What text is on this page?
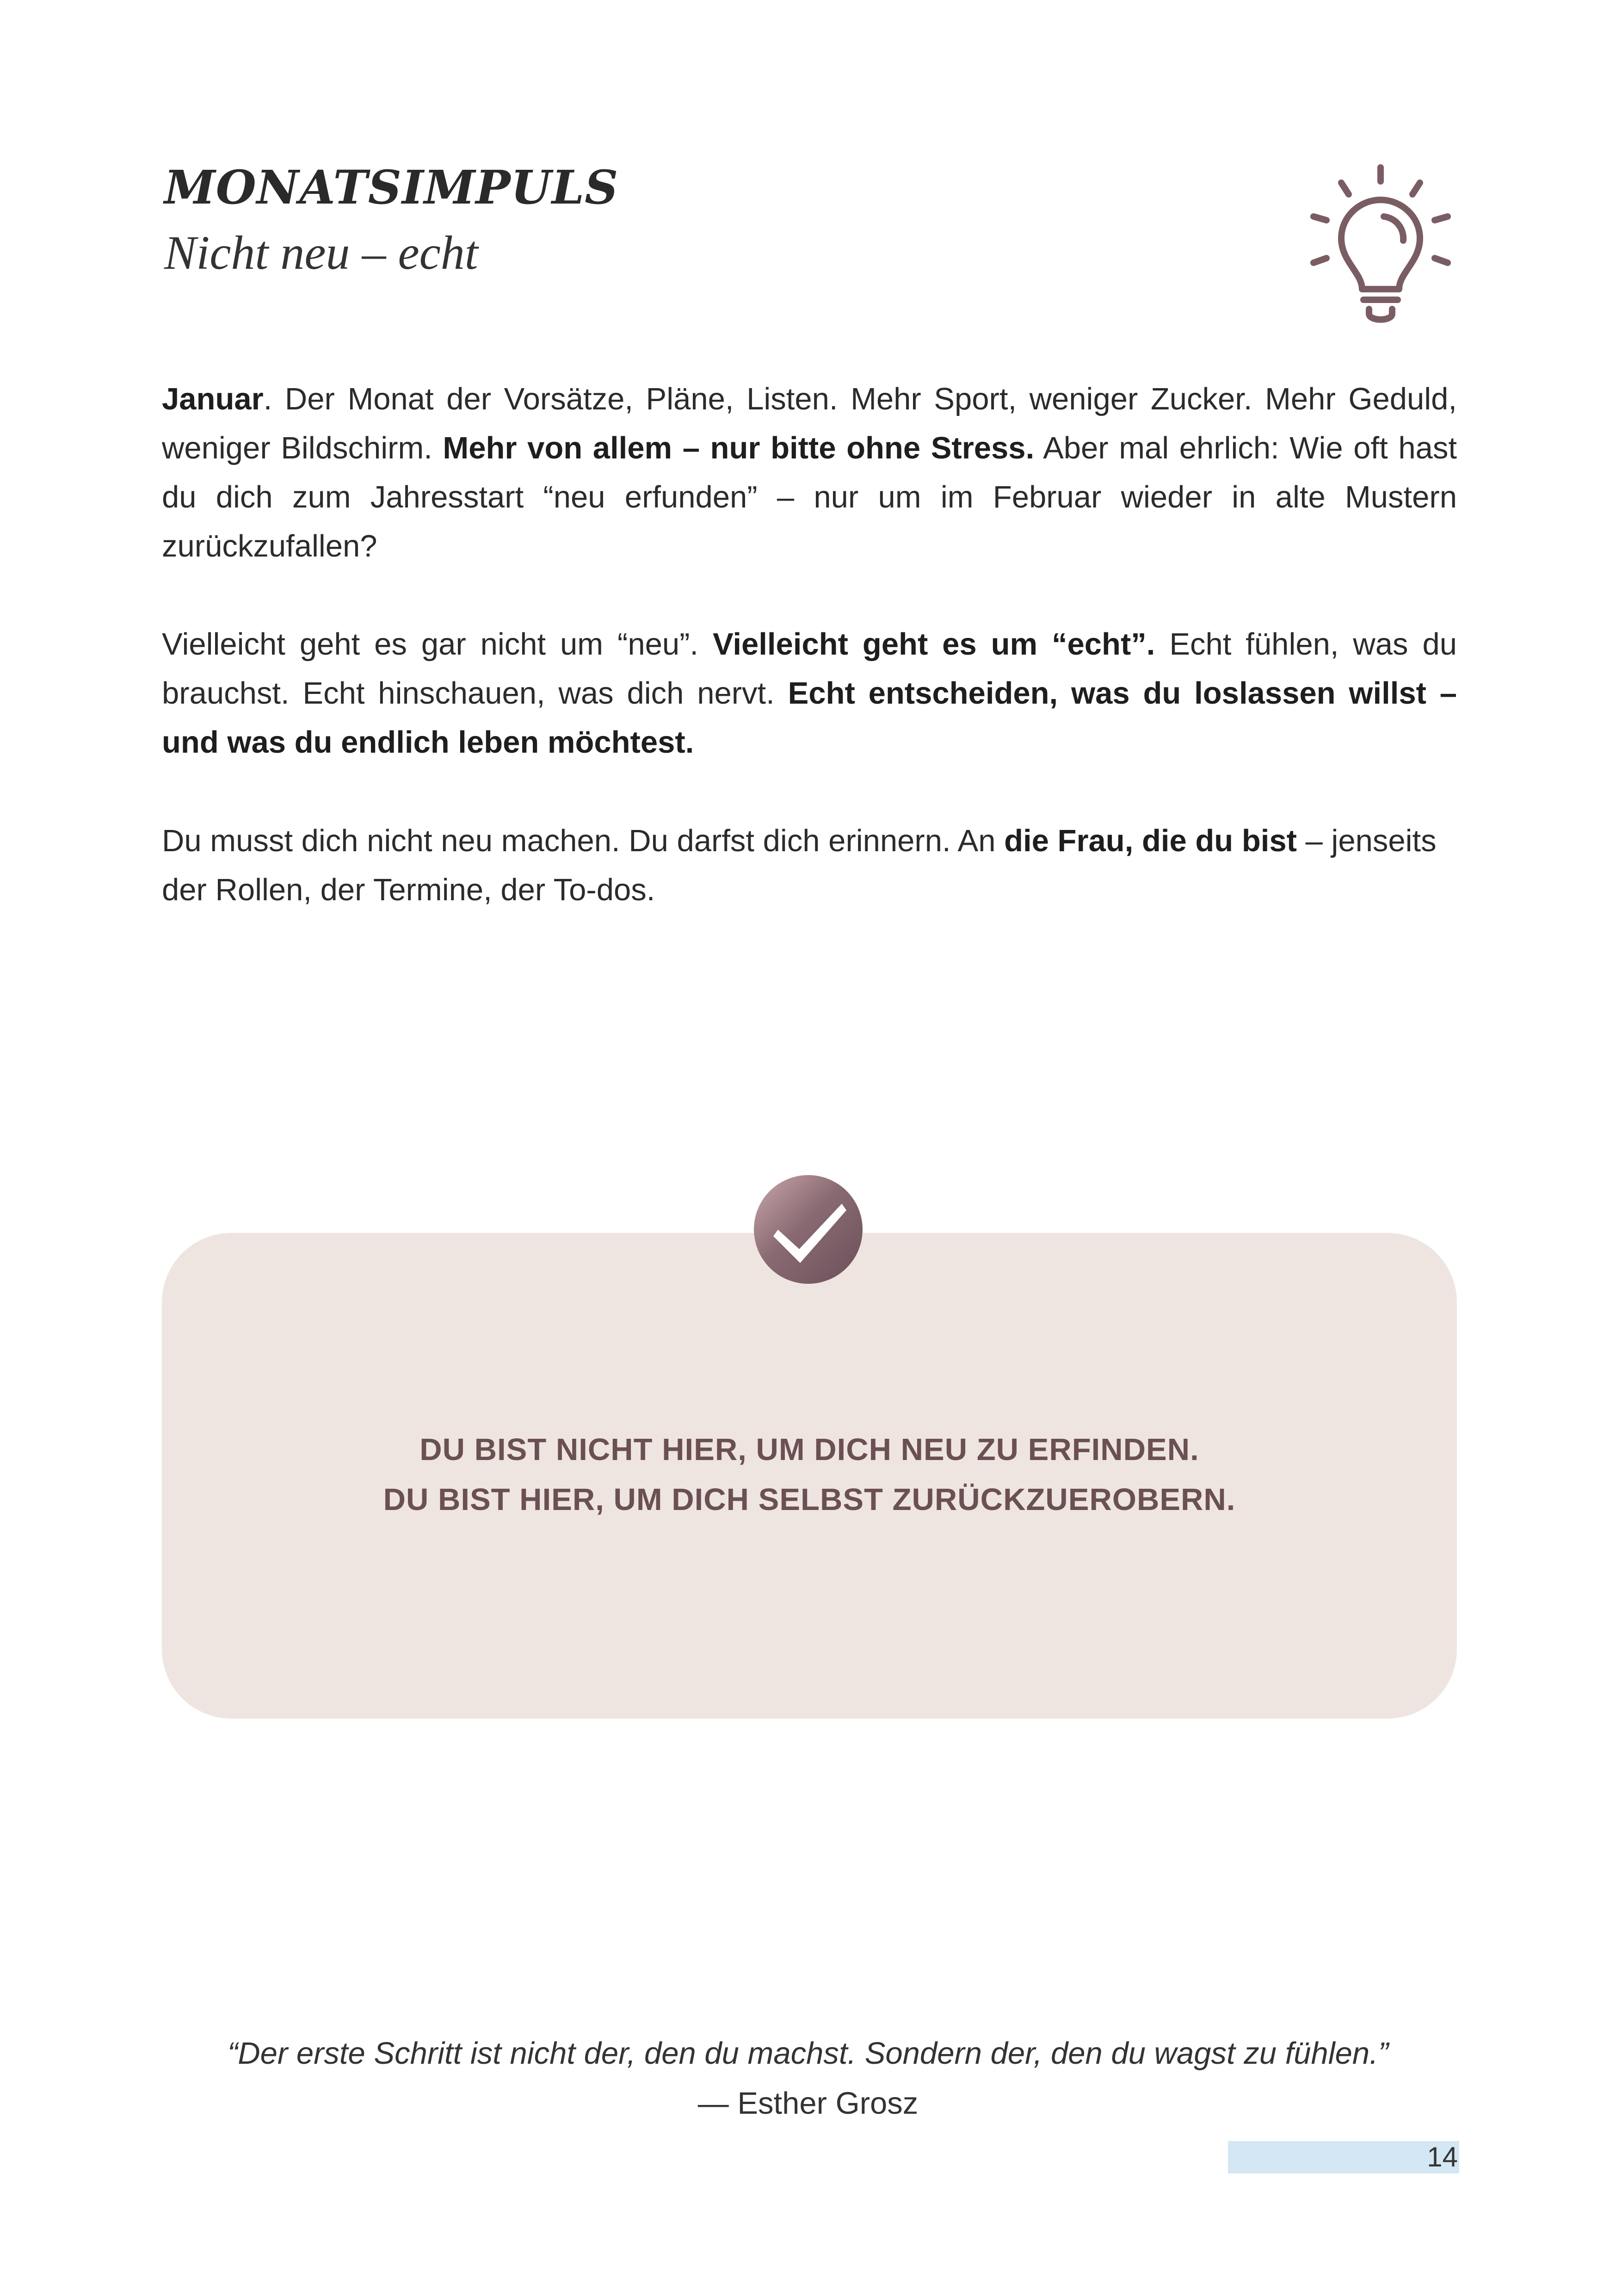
MONATSIMPULS
Nicht neu – echt

Januar. Der Monat der Vorsätze, Pläne, Listen. Mehr Sport, weniger Zucker. Mehr Geduld, weniger Bildschirm. Mehr von allem – nur bitte ohne Stress. Aber mal ehrlich: Wie oft hast du dich zum Jahresstart “neu erfunden” – nur um im Februar wieder in alte Mustern zurückzufallen?

Vielleicht geht es gar nicht um “neu”. Vielleicht geht es um “echt”. Echt fühlen, was du brauchst. Echt hinschauen, was dich nervt. Echt entscheiden, was du loslassen willst – und was du endlich leben möchtest.

Du musst dich nicht neu machen. Du darfst dich erinnern. An die Frau, die du bist – jenseits der Rollen, der Termine, der To-dos.

DU BIST NICHT HIER, UM DICH NEU ZU ERFINDEN.
DU BIST HIER, UM DICH SELBST ZURÜCKZUEROBERN.
“Der erste Schritt ist nicht der, den du machst. Sondern der, den du wagst zu fühlen.”
— Esther Grosz
14
